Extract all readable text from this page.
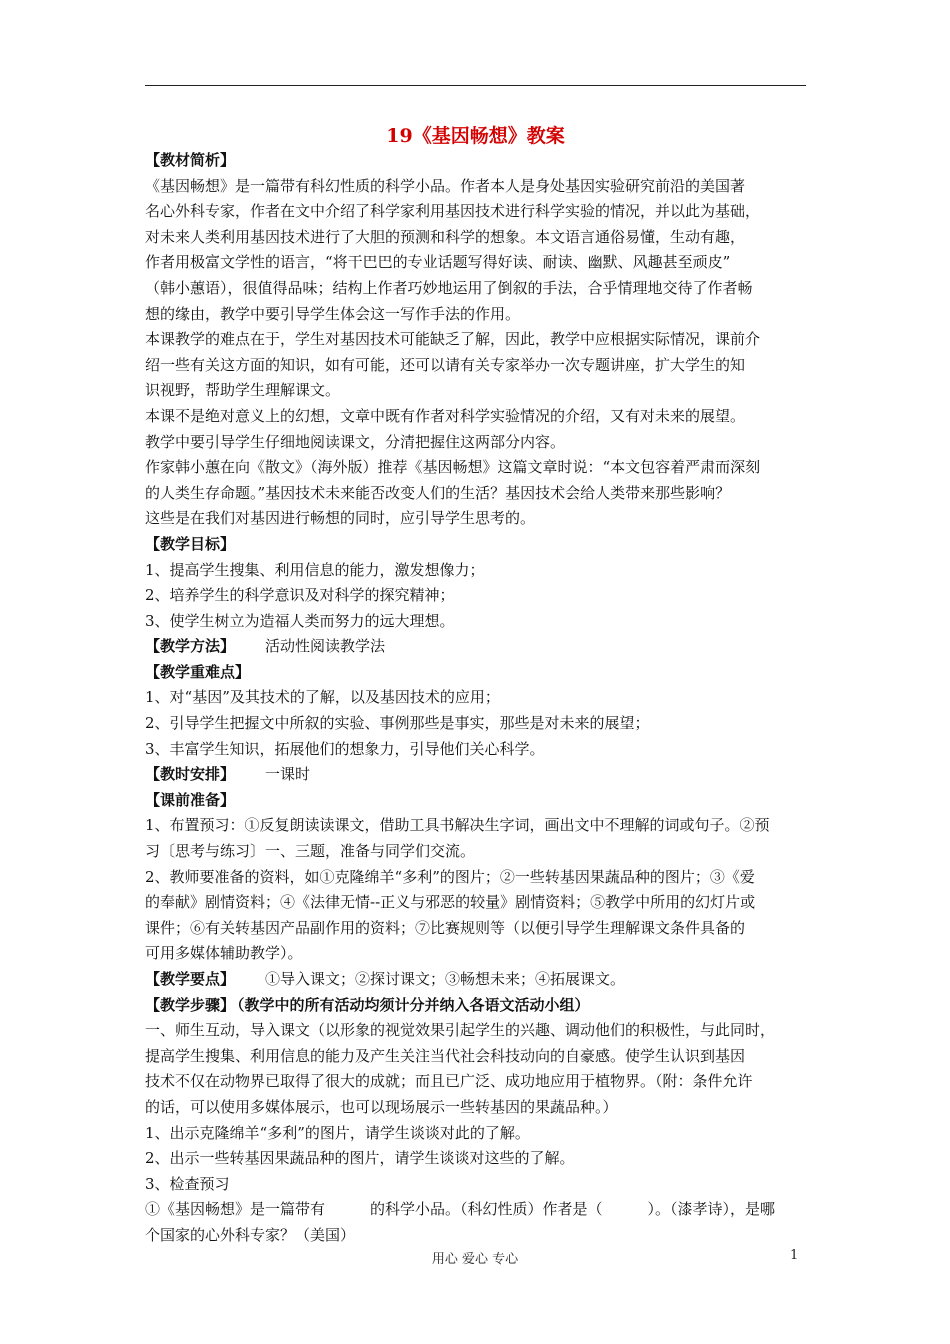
19《基因畅想》教案

【教材简析】

《基因畅想》是一篇带有科幻性质的科学小品。作者本人是身处基因实验研究前沿的美国著

名心外科专家，作者在文中介绍了科学家利用基因技术进行科学实验的情况，并以此为基础，

对未来人类利用基因技术进行了大胆的预测和科学的想象。本文语言通俗易懂，生动有趣，

作者用极富文学性的语言，“将干巴巴的专业话题写得好读、耐读、幽默、风趣甚至顽皮”

（韩小蕙语），很值得品味；结构上作者巧妙地运用了倒叙的手法，合乎情理地交待了作者畅

想的缘由，教学中要引导学生体会这一写作手法的作用。

本课教学的难点在于，学生对基因技术可能缺乏了解，因此，教学中应根据实际情况，课前介

绍一些有关这方面的知识，如有可能，还可以请有关专家举办一次专题讲座，扩大学生的知

识视野，帮助学生理解课文。

本课不是绝对意义上的幻想，文章中既有作者对科学实验情况的介绍，又有对未来的展望。

教学中要引导学生仔细地阅读课文，分清把握住这两部分内容。

作家韩小蕙在向《散文》（海外版）推荐《基因畅想》这篇文章时说：“本文包容着严肃而深刻

的人类生存命题。”基因技术未来能否改变人们的生活？基因技术会给人类带来那些影响？

这些是在我们对基因进行畅想的同时，应引导学生思考的。

【教学目标】

1、提高学生搜集、利用信息的能力，激发想像力；

2、培养学生的科学意识及对科学的探究精神；

3、使学生树立为造福人类而努力的远大理想。

【教学方法】 活动性阅读教学法

【教学重难点】

1、对“基因”及其技术的了解，以及基因技术的应用；

2、引导学生把握文中所叙的实验、事例那些是事实，那些是对未来的展望；

3、丰富学生知识，拓展他们的想象力，引导他们关心科学。

【教时安排】 一课时

【课前准备】

1、布置预习：①反复朗读读课文，借助工具书解决生字词，画出文中不理解的词或句子。②预

习〔思考与练习〕一、三题，准备与同学们交流。

2、教师要准备的资料，如①克隆绵羊“多利”的图片；②一些转基因果蔬品种的图片；③《爱

的奉献》剧情资料；④《法律无情--正义与邪恶的较量》剧情资料；⑤教学中所用的幻灯片或

课件；⑥有关转基因产品副作用的资料；⑦比赛规则等（以便引导学生理解课文条件具备的

可用多媒体辅助教学）。

【教学要点】 ①导入课文；②探讨课文；③畅想未来；④拓展课文。

【教学步骤】 （教学中的所有活动均须计分并纳入各语文活动小组）

一、师生互动，导入课文（以形象的视觉效果引起学生的兴趣、调动他们的积极性，与此同时，

提高学生搜集、利用信息的能力及产生关注当代社会科技动向的自豪感。使学生认识到基因

技术不仅在动物界已取得了很大的成就；而且已广泛、成功地应用于植物界。（附：条件允许

的话，可以使用多媒体展示，也可以现场展示一些转基因的果蔬品种。）

1、出示克隆绵羊“多利”的图片，请学生谈谈对此的了解。

2、出示一些转基因果蔬品种的图片，请学生谈谈对这些的了解。

3、检查预习

①《基因畅想》是一篇带有　　　的科学小品。（科幻性质）作者是（　　　）。（漆孝诗），是哪

个国家的心外科专家？（美国）

用心 爱心 专心	1
